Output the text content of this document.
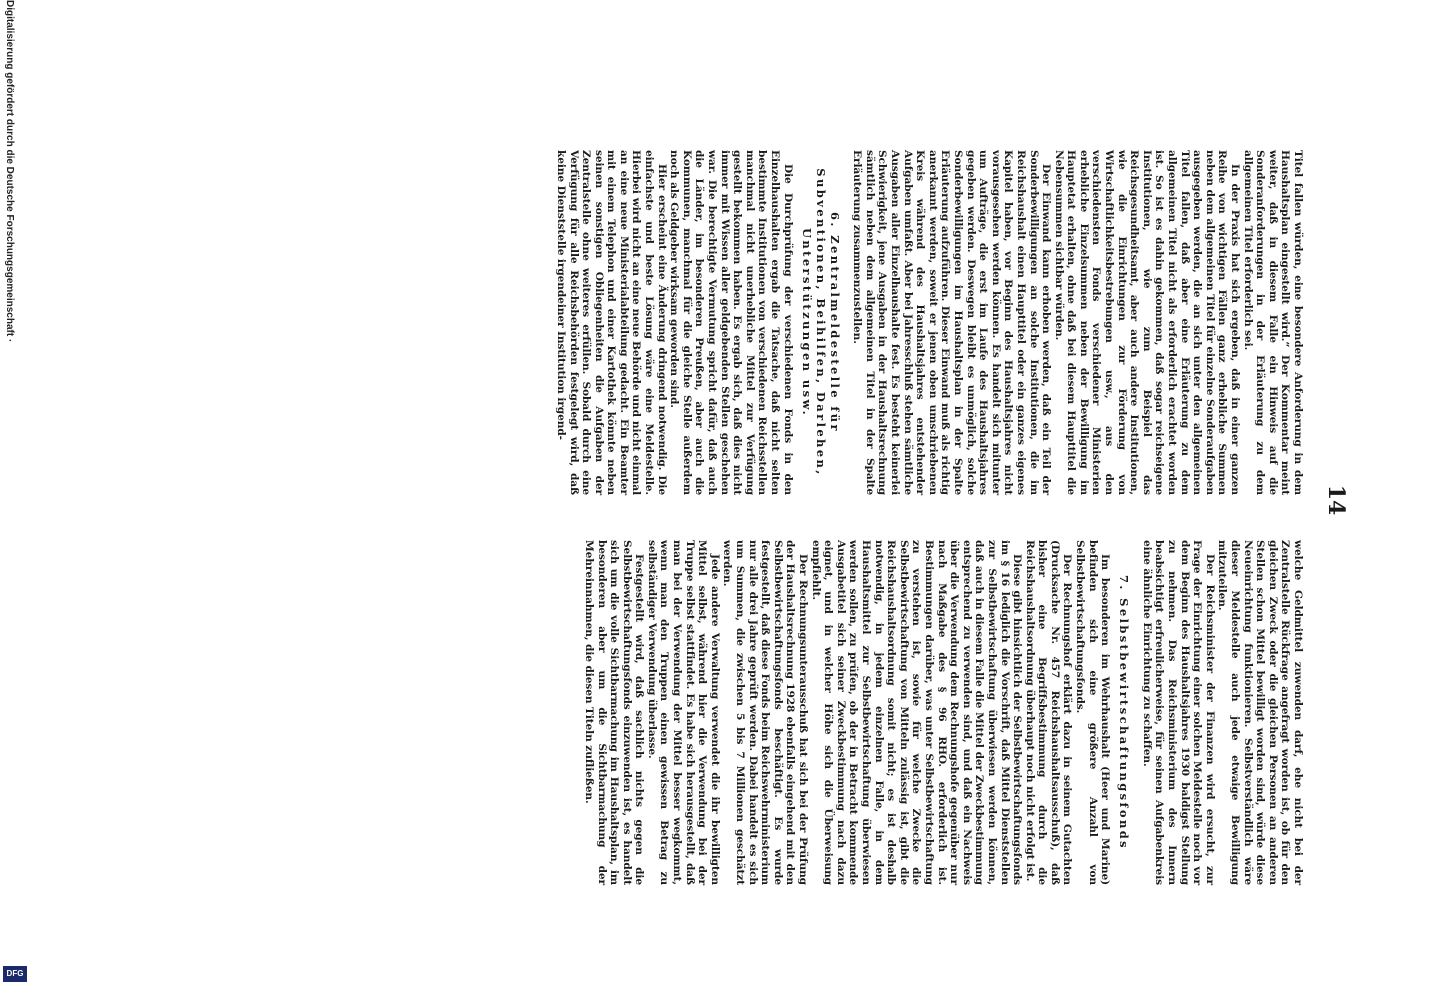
14

Titel fallen würden, eine besondere Anforderung in dem Haushaltsplan eingestellt wird.“ Der Kommentar meint weiter, daß in diesem Falle ein Hinweis auf die Sonderanforderungen in der Erläuterung zu dem allgemeinen Titel erforderlich sei.

In der Praxis hat sich ergeben, daß in einer ganzen Reihe von wichtigen Fällen ganz erhebliche Summen neben dem allgemeinen Titel für einzelne Sonderaufgaben ausgegeben werden, die an sich unter den allgemeinen Titel fallen, daß aber eine Erläuterung zu dem allgemeinen Titel nicht als erforderlich erachtet worden ist. So ist es dahin gekommen, daß sogar reichseigene Institutionen, wie zum Beispiel das Reichsgesundheitsamt, aber auch andere Institutionen, wie die Einrichtungen zur Förderung von Wirtschaftlichkeitsbestrebungen usw., aus den verschiedensten Fonds verschiedener Ministerien erhebliche Einzelsummen neben der Bewilligung im Hauptetat erhalten, ohne daß bei diesem Haupttitel die Nebensummen sichtbar würden.

Der Einwand kann erhoben werden, daß ein Teil der Sonderbewilligungen an solche Institutionen, die im Reichshaushalt einen Haupttitel oder ein ganzes eigenes Kapitel haben, vor Beginn des Haushaltsjahres nicht vorausgesehen werden können. Es handelt sich mitunter um Aufträge, die erst im Laufe des Haushaltsjahres gegeben werden. Deswegen bleibt es unmöglich, solche Sonderbewilligungen im Haushaltsplan in der Spalte Erläuterung aufzuführen. Dieser Einwand muß als richtig anerkannt werden, soweit er jenen oben umschriebenen Kreis während des Haushaltsjahres entstehender Aufgaben umfaßt. Aber bei Jahresschluß stehen sämtliche Ausgaben aller Einzelhaushalte fest. Es besteht keinerlei Schwierigkeit, jene Ausgaben in der Haushaltsrechnung sämtlich neben dem allgemeinen Titel in der Spalte Erläuterung zusammenzustellen.

6. Zentralmeldestelle für Subventionen, Beihilfen, Darlehen, Unterstützungen usw.

Die Durchprüfung der verschiedenen Fonds in den Einzelhaushalten ergab die Tatsache, daß nicht selten bestimmte Institutionen von verschiedenen Reichsstellen manchmal nicht unerhebliche Mittel zur Verfügung gestellt bekommen haben. Es ergab sich, daß dies nicht immer mit Wissen aller geldgebenden Stellen geschehen war. Die berechtigte Vermutung spricht dafür, daß auch die Länder, im besonderen Preußen, aber auch die Kommunen, manchmal für die gleiche Stelle außerdem noch als Geldgeber wirksam geworden sind.

Hier erscheint eine Änderung dringend notwendig. Die einfachste und beste Lösung wäre eine Meldestelle. Hierbei wird nicht an eine neue Behörde und nicht einmal an eine neue Ministerialabteilung gedacht. Ein Beamter mit einem Telephon und einer Kartothek könnte neben seinen sonstigen Obliegenheiten die Aufgaben der Zentralstelle ohne weiteres erfüllen. Sobald durch eine Verfügung für alle Reichsbehörden festgelegt wird, daß keine Dienststelle irgendeiner Institution irgend-

welche Geldmittel zuwenden darf, ehe nicht bei der Zentralstelle Rückfrage angefragt worden ist, ob für den gleichen Zweck oder die gleichen Personen an anderen Stellen schon Mittel bewilligt worden sind, würde diese Neueinrichtung funktionieren. Selbstverständlich wäre dieser Meldestelle auch jede etwaige Bewilligung mitzuteilen.

Der Reichsminister der Finanzen wird ersucht, zur Frage der Einrichtung einer solchen Meldestelle noch vor dem Beginn des Haushaltsjahres 1930 baldigst Stellung zu nehmen. Das Reichsministerium des Innern beabsichtigt erfreulicherweise, für seinen Aufgabenkreis eine ähnliche Einrichtung zu schaffen.

7. Selbstbewirtschaftungsfonds

Im besonderen im Wehrhaushalt (Heer und Marine) befinden sich eine größere Anzahl von Selbstbewirtschaftungsfonds.

Der Rechnungshof erklärt dazu in seinem Gutachten (Drucksache Nr. 457 Reichshaushaltsausschuß), daß bisher eine Begriffsbestimmung durch die Reichshaushaltsordnung überhaupt noch nicht erfolgt ist.

Diese gibt hinsichtlich der Selbstbewirtschaftungsfonds im § 16 lediglich die Vorschrift, daß Mittel Dienststellen zur Selbstbewirtschaftung überwiesen werden können, daß auch in diesem Falle die Mittel der Zweckbestimmung entsprechend zu verwenden sind, und daß ein Nachweis über die Verwendung dem Rechnungshofe gegenüber nur nach Maßgabe des § 96 RHO. erforderlich ist. Bestimmungen darüber, was unter Selbstbewirtschaftung zu verstehen ist, sowie für welche Zwecke die Selbstbewirtschaftung von Mitteln zulässig ist, gibt die Reichshaushaltsordnung somit nicht; es ist deshalb notwendig, in jedem einzelnen Falle, in dem Haushaltsmittel zur Selbstbewirtschaftung überwiesen werden sollen, zu prüfen, ob der in Betracht kommende Ausgabetitel sich seiner Zweckbestimmung nach dazu eignet, und in welcher Höhe sich die Überweisung empfiehlt.

Der Rechnungsunterausschuß hat sich bei der Prüfung der Haushaltsrechnung 1928 ebenfalls eingehend mit den Selbstbewirtschaftungsfonds beschäftigt. Es wurde festgestellt, daß diese Fonds beim Reichswehrministerium nur alle drei Jahre geprüft werden. Dabei handelt es sich um Summen, die zwischen 5 bis 7 Millionen geschätzt werden.

Jede andere Verwaltung verwendet die ihr bewilligten Mittel selbst, während hier die Verwendung bei der Truppe selbst stattfindet. Es habe sich herausgestellt, daß man bei der Verwendung der Mittel besser wegkommt, wenn man den Truppen einen gewissen Betrag zu selbständiger Verwendung überlasse.

Festgestellt wird, daß sachlich nichts gegen die Selbstbewirtschaftungsfonds einzuwenden ist, es handelt sich um die volle Sichtbarmachung im Haushaltsplan, im besonderen aber um die Sichtbarmachung der Mehreinnahmen, die diesen Titeln zufließen.

Digitalisierung gefördert durch die Deutsche Forschungsgemeinschaft ·
DFG
